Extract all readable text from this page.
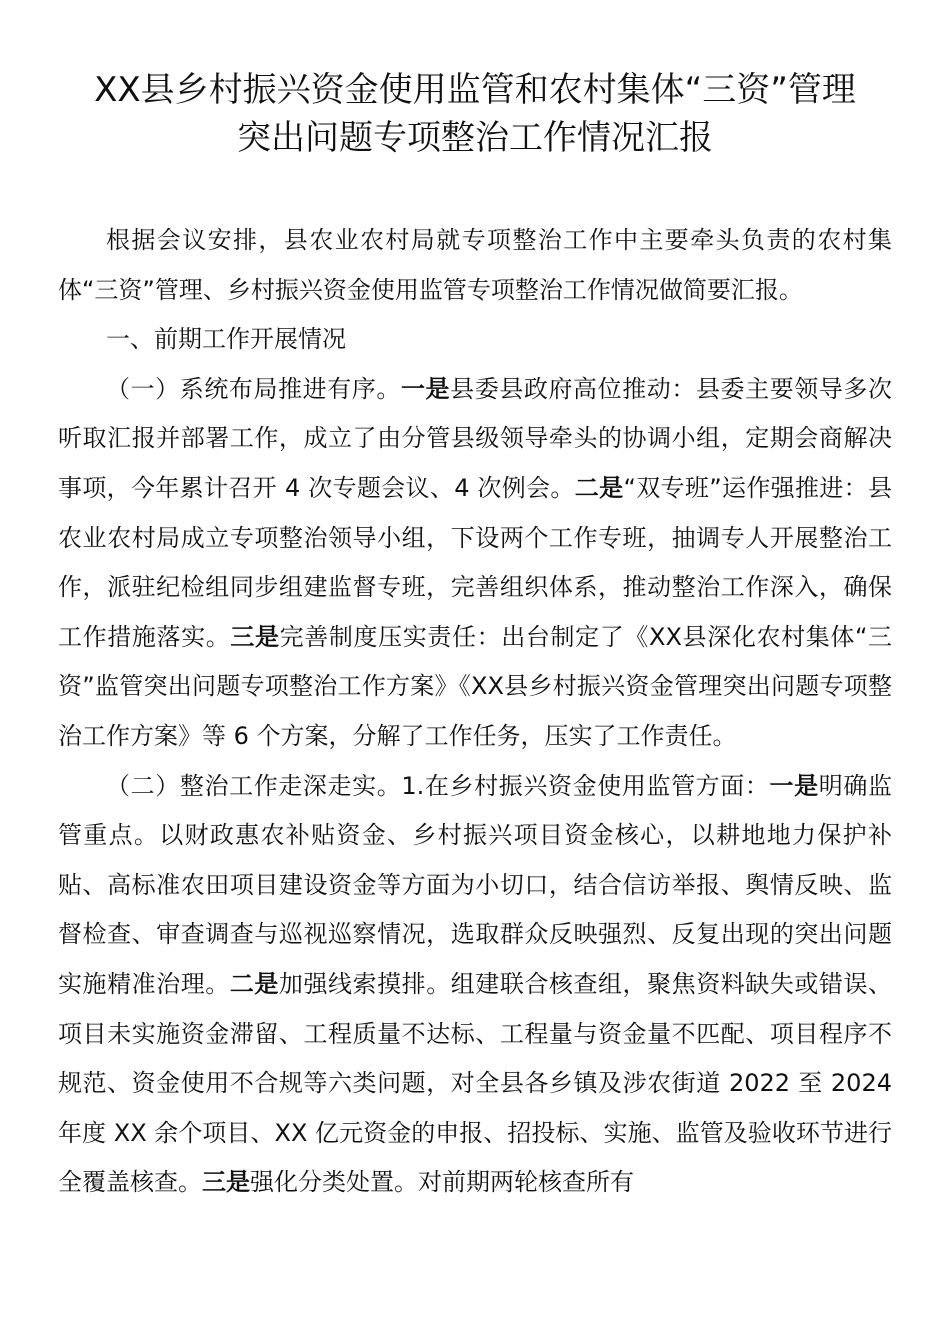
XX县乡村振兴资金使用监管和农村集体“三资”管理
突出问题专项整治工作情况汇报

根据会议安排，县农业农村局就专项整治工作中主要牵头负责的农村集体“三资”管理、乡村振兴资金使用监管专项整治工作情况做简要汇报。

一、前期工作开展情况

（一）系统布局推进有序。一是县委县政府高位推动：县委主要领导多次听取汇报并部署工作，成立了由分管县级领导牵头的协调小组，定期会商解决事项，今年累计召开 4 次专题会议、4 次例会。二是“双专班”运作强推进：县农业农村局成立专项整治领导小组，下设两个工作专班，抽调专人开展整治工作，派驻纪检组同步组建监督专班，完善组织体系，推动整治工作深入，确保工作措施落实。三是完善制度压实责任：出台制定了《XX县深化农村集体“三资”监管突出问题专项整治工作方案》《XX县乡村振兴资金管理突出问题专项整治工作方案》等 6 个方案，分解了工作任务，压实了工作责任。

（二）整治工作走深走实。1.在乡村振兴资金使用监管方面：一是明确监管重点。以财政惠农补贴资金、乡村振兴项目资金核心，以耕地地力保护补贴、高标准农田项目建设资金等方面为小切口，结合信访举报、舆情反映、监督检查、审查调查与巡视巡察情况，选取群众反映强烈、反复出现的突出问题实施精准治理。二是加强线索摸排。组建联合核查组，聚焦资料缺失或错误、项目未实施资金滞留、工程质量不达标、工程量与资金量不匹配、项目程序不规范、资金使用不合规等六类问题，对全县各乡镇及涉农街道 2022 至 2024 年度 XX 余个项目、XX 亿元资金的申报、招投标、实施、监管及验收环节进行全覆盖核查。三是强化分类处置。对前期两轮核查所有
